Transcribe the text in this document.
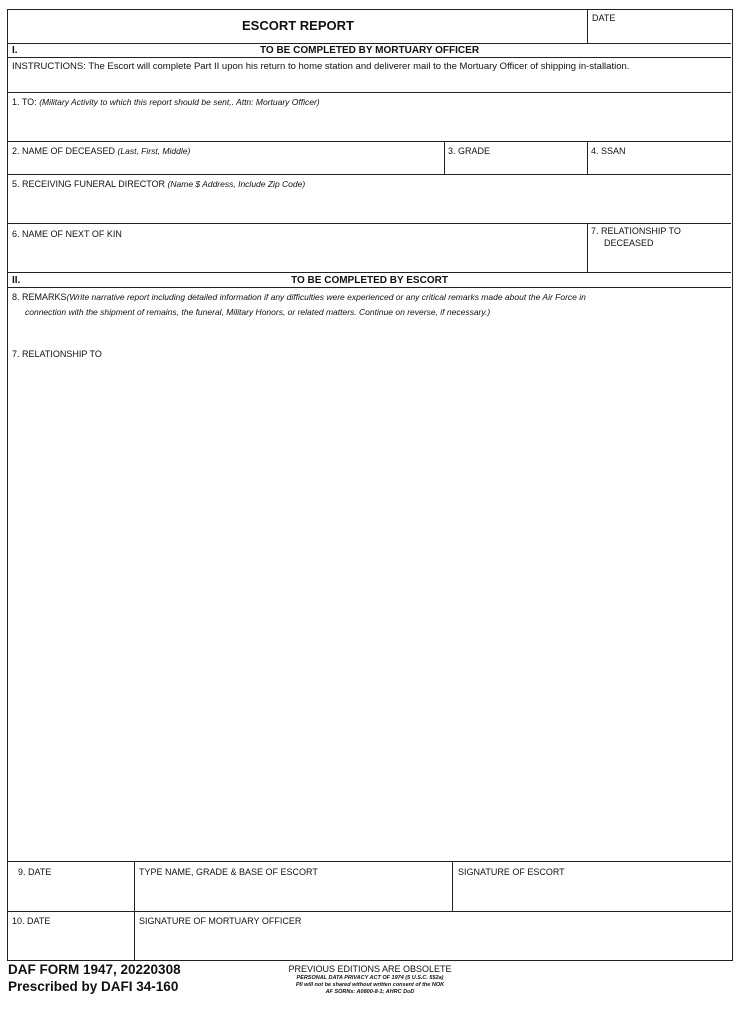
ESCORT REPORT	DATE
I.	TO BE COMPLETED BY MORTUARY OFFICER
INSTRUCTIONS: The Escort will complete Part II upon his return to home station and deliverer mail to the Mortuary Officer of shipping in-stallation.
1. TO: (Military Activity to which this report should be sent,. Attn: Mortuary Officer)
2. NAME OF DECEASED (Last, First, Middle)	3. GRADE	4. SSAN
5. RECEIVING FUNERAL DIRECTOR (Name $ Address, Include Zip Code)
6. NAME OF NEXT OF KIN	7. RELATIONSHIP TO
DECEASED
II.	TO BE COMPLETED BY ESCORT
8. REMARKS(Write narrative report including detailed information if any difficulties were experienced or any critical remarks made about the Air Force in
connection with the shipment of remains, the funeral, Military Honors, or related matters. Continue on reverse, if necessary.)
7. RELATIONSHIP TO
9. DATE	TYPE NAME, GRADE & BASE OF ESCORT	SIGNATURE OF ESCORT
10. DATE	SIGNATURE OF MORTUARY OFFICER
DAF FORM 1947, 20220308
Prescribed by DAFI 34-160
PREVIOUS EDITIONS ARE OBSOLETE
PERSONAL DATA PRIVACY ACT OF 1974 (5 U.S.C. 552a)
PII will not be shared without written consent of the NOK
AF SORNs: A0800-8-1; AHRC DoD
